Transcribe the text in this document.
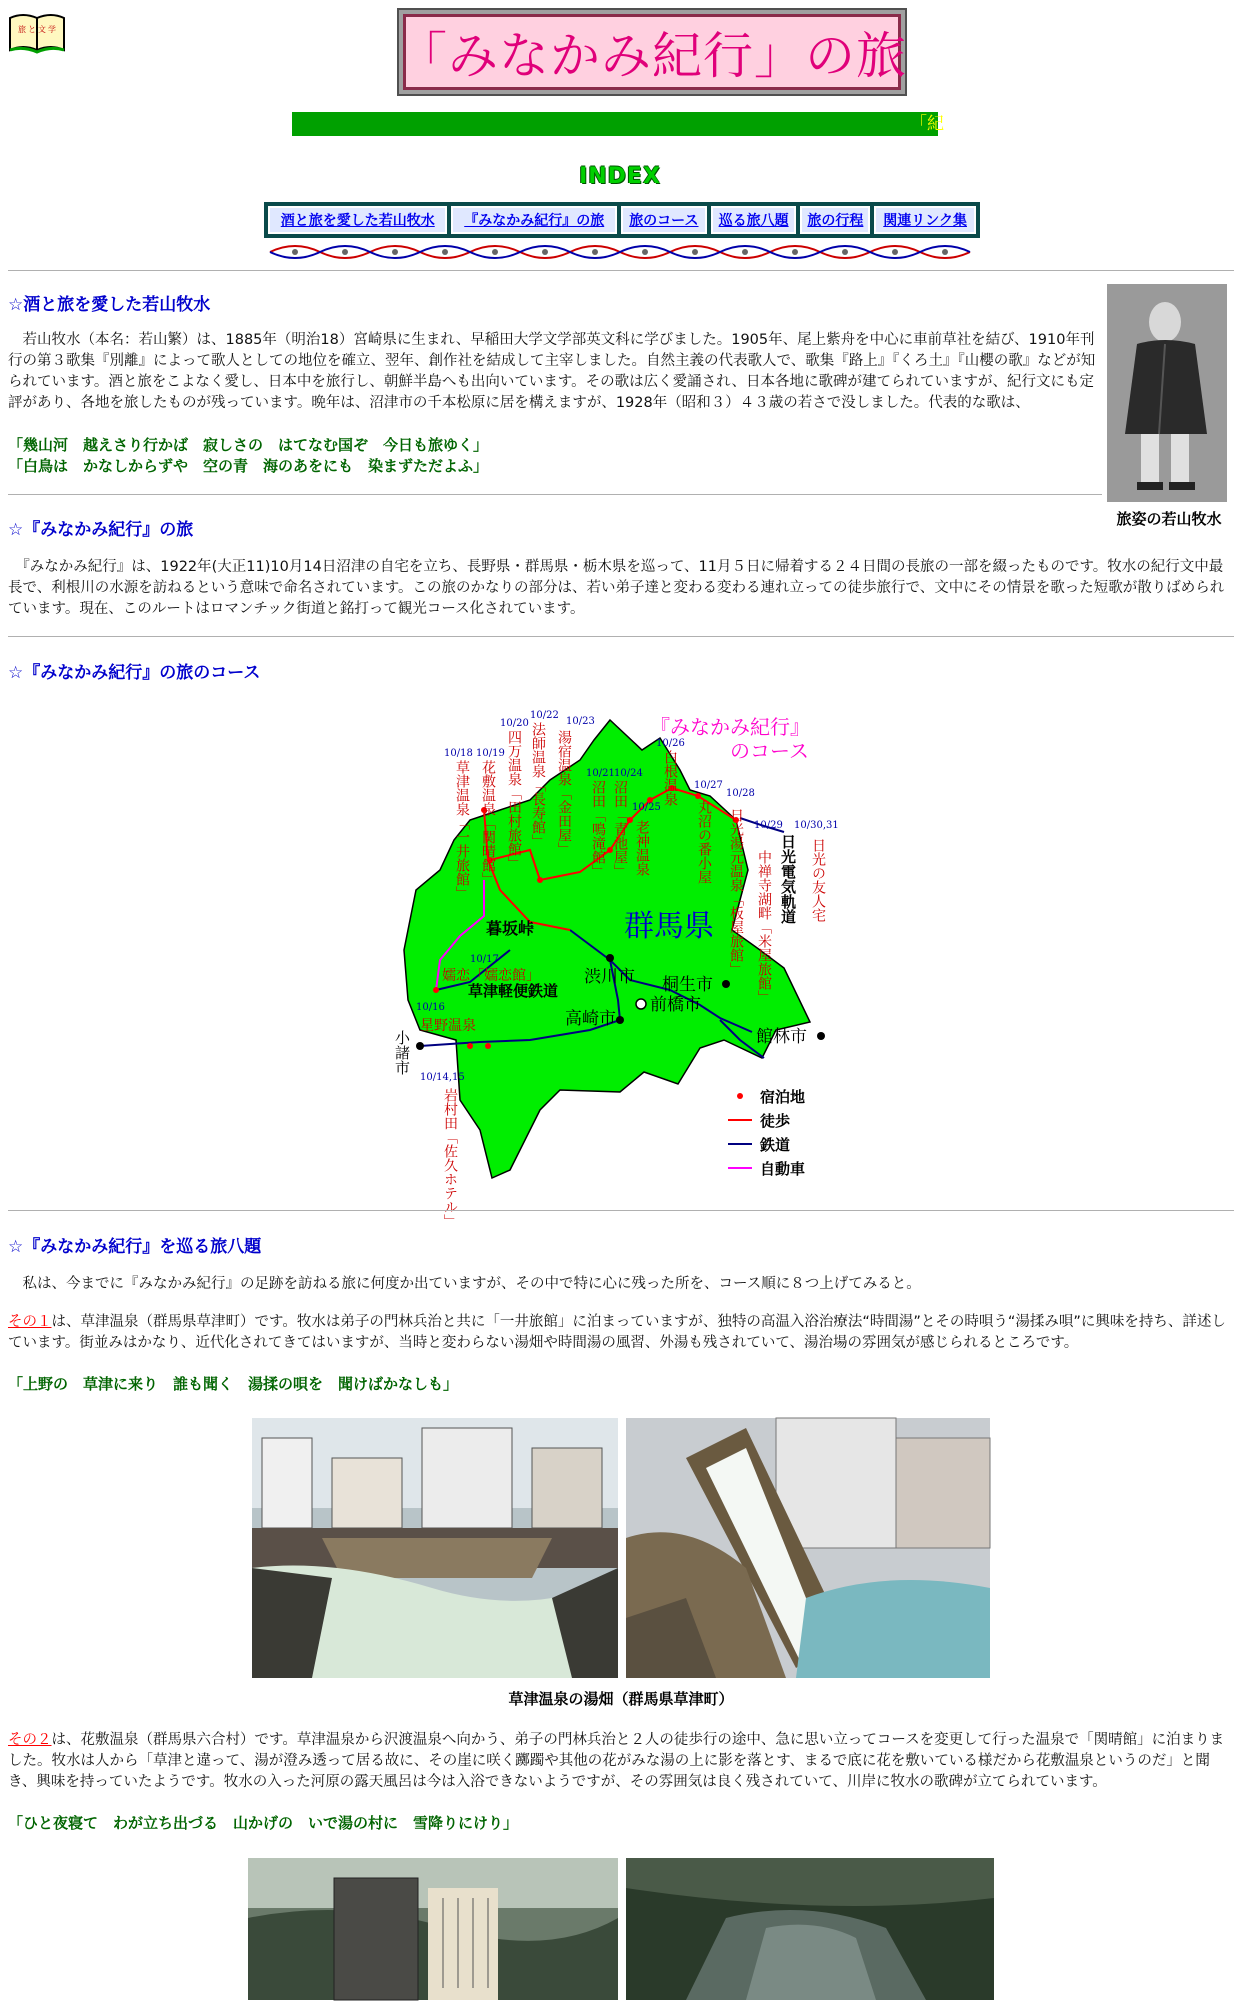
旅と文学	「みなかみ紀行」の旅
「紀
INDEX
酒と旅を愛した若山牧水	『みなかみ紀行』の旅	旅のコース	巡る旅八題	旅の行程	関連リンク集
☆酒と旅を愛した若山牧水
旅姿の若山牧水
　若山牧水（本名：若山繁）は、1885年（明治18）宮崎県に生まれ、早稲田大学文学部英文科に学びました。1905年、尾上紫舟を中心に車前草社を結び、1910年刊行の第３歌集『別離』によって歌人としての地位を確立、翌年、創作社を結成して主宰しました。自然主義の代表歌人で、歌集『路上』『くろ土』『山櫻の歌』などが知られています。酒と旅をこよなく愛し、日本中を旅行し、朝鮮半島へも出向いています。その歌は広く愛誦され、日本各地に歌碑が建てられていますが、紀行文にも定評があり、各地を旅したものが残っています。晩年は、沼津市の千本松原に居を構えますが、1928年（昭和３）４３歳の若さで没しました。代表的な歌は、
「幾山河　越えさり行かば　寂しさの　はてなむ国ぞ　今日も旅ゆく」
「白鳥は　かなしからずや　空の青　海のあをにも　染まずただよふ」
☆『みなかみ紀行』の旅
　『みなかみ紀行』は、1922年(大正11)10月14日沼津の自宅を立ち、長野県・群馬県・栃木県を巡って、11月５日に帰着する２４日間の長旅の一部を綴ったものです。牧水の紀行文中最長で、利根川の水源を訪ねるという意味で命名されています。この旅のかなりの部分は、若い弟子達と変わる変わる連れ立っての徒歩旅行で、文中にその情景を歌った短歌が散りばめられています。現在、このルートはロマンチック街道と銘打って観光コース化されています。
☆『みなかみ紀行』の旅のコース
『みなかみ紀行』
のコース
群馬県
渋川市 桐生市
前橋市
高崎市
館林市
小諸市
暮坂峠
草津軽便鉄道
日光電気軌道
草津温泉「一井旅館」 花敷温泉「関晴館」 四万温泉「田村旅館」 法師温泉「長寿館」 湯宿温泉「金田屋」 沼田「鳴滝館」 沼田「青池屋」 老神温泉
白根温泉
丸沼の番小屋 日光湯元温泉「板屋旅館」 中禅寺湖畔「米屋旅館」	日光の友人宅
岩村田「佐久ホテル」
星野温泉
嬬恋「嬬恋館」
10/14,15
10/16
10/17
10/18 10/19
10/20
10/22
10/23
10/21 10/24
10/25
10/26
10/27
10/28
10/29 10/30,31
宿泊地
徒歩
鉄道
自動車
☆『みなかみ紀行』を巡る旅八題
　私は、今までに『みなかみ紀行』の足跡を訪ねる旅に何度か出ていますが、その中で特に心に残った所を、コース順に８つ上げてみると。
その１は、草津温泉（群馬県草津町）です。牧水は弟子の門林兵治と共に「一井旅館」に泊まっていますが、独特の高温入浴治療法“時間湯”とその時唄う“湯揉み唄”に興味を持ち、詳述しています。街並みはかなり、近代化されてきてはいますが、当時と変わらない湯畑や時間湯の風習、外湯も残されていて、湯治場の雰囲気が感じられるところです。
「上野の　草津に来り　誰も聞く　湯揉の唄を　聞けばかなしも」
草津温泉の湯畑（群馬県草津町）
その２は、花敷温泉（群馬県六合村）です。草津温泉から沢渡温泉へ向かう、弟子の門林兵治と２人の徒歩行の途中、急に思い立ってコースを変更して行った温泉で「関晴館」に泊まりました。牧水は人から「草津と違って、湯が澄み透って居る故に、その崖に咲く躑躅や其他の花がみな湯の上に影を落とす、まるで底に花を敷いている様だから花敷温泉というのだ」と聞き、興味を持っていたようです。牧水の入った河原の露天風呂は今は入浴できないようですが、その雰囲気は良く残されていて、川岸に牧水の歌碑が立てられています。
「ひと夜寝て　わが立ち出づる　山かげの　いで湯の村に　雪降りにけり」
